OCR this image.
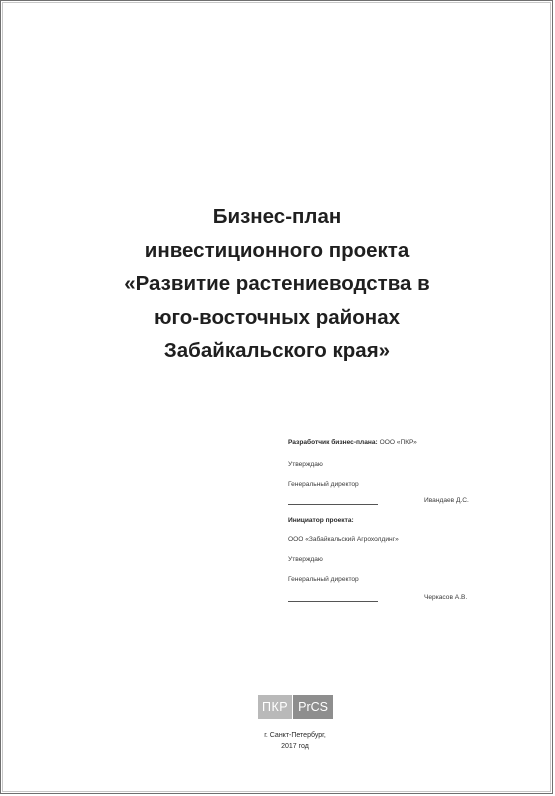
Бизнес-план
инвестиционного проекта
«Развитие растениеводства в
юго-восточных районах
Забайкальского края»
Разработчик бизнес-плана: ООО «ПКР»
Утверждаю
Генеральный директор
Ивандаев Д.С.
Инициатор проекта:
ООО «Забайкальский Агрохолдинг»
Утверждаю
Генеральный директор
Черкасов А.В.
ПКР PrCS
г. Санкт-Петербург,
2017 год
